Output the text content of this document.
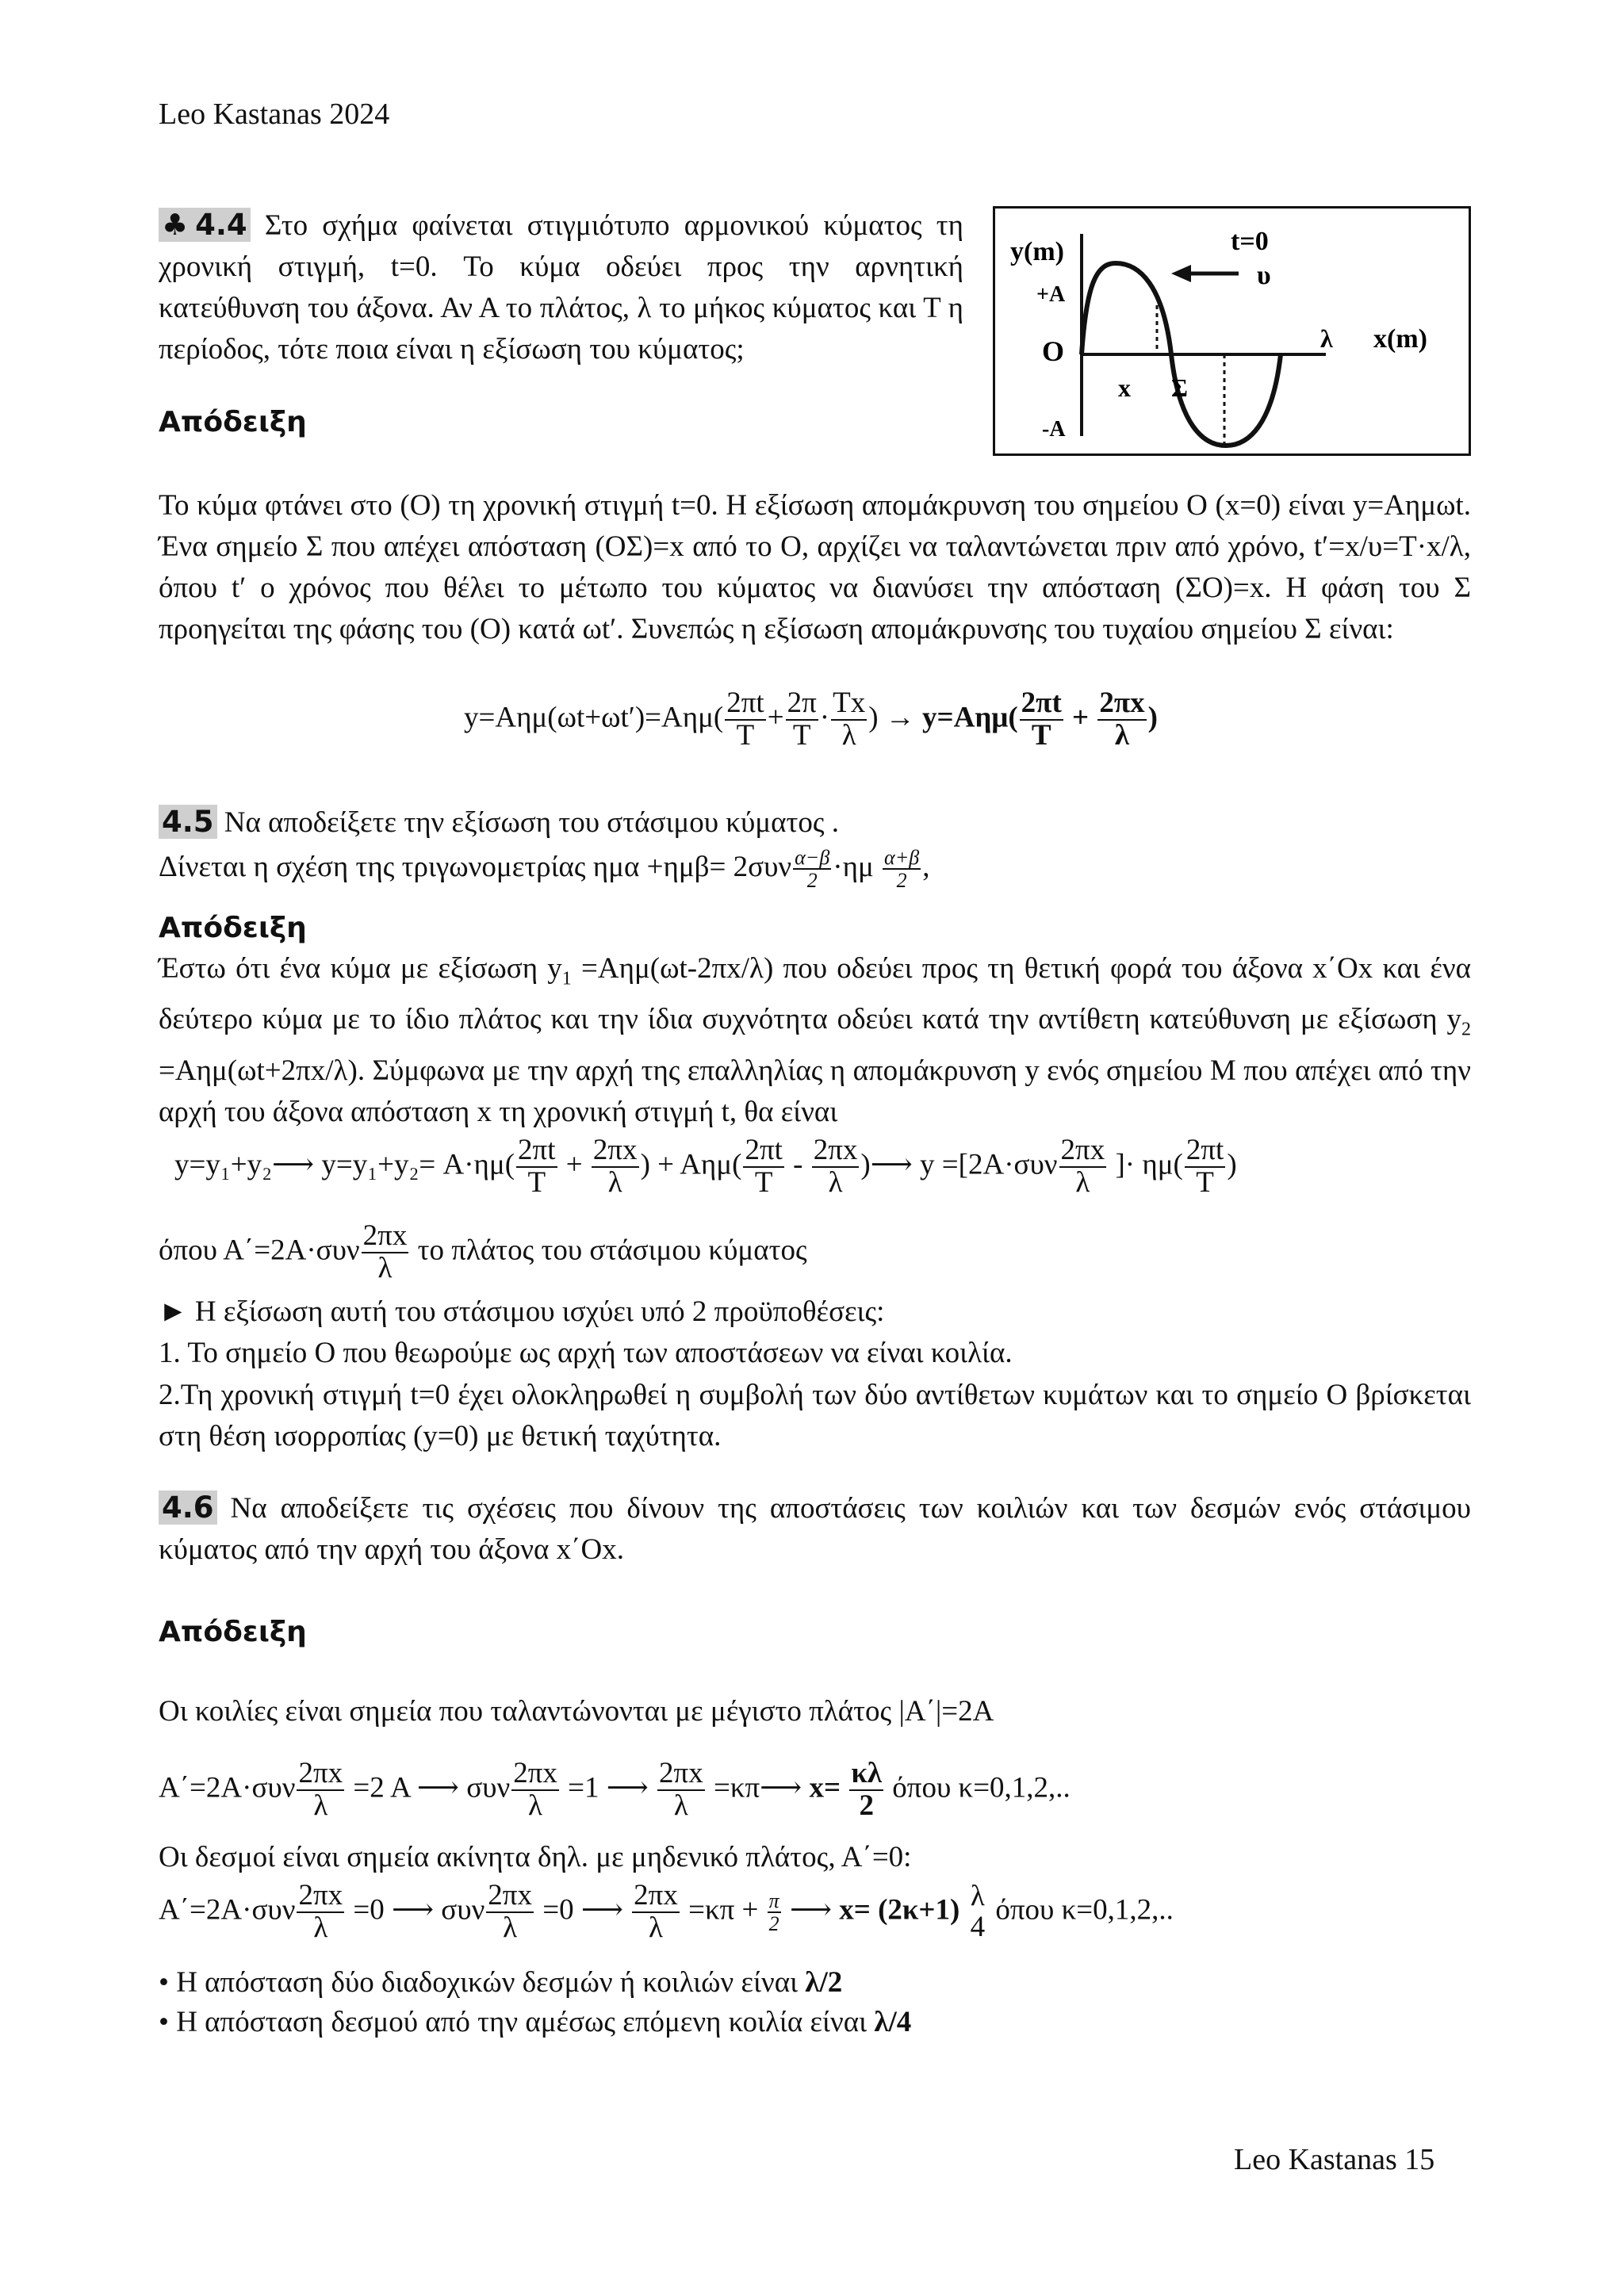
Leo Kastanas 2024

♣4.4 Στο σχήμα φαίνεται στιγμιότυπο αρμονικού κύματος τη χρονική στιγμή, t=0. Το κύμα οδεύει προς την αρνητική κατεύθυνση του άξονα. Αν Α το πλάτος, λ το μήκος κύματος και Τ η περίοδος, τότε ποια είναι η εξίσωση του κύματος;

Απόδειξη
y(m)
+A
O
-A
t=0
υ
x Σ
λ x(m)

Το κύμα φτάνει στο (Ο) τη χρονική στιγμή t=0. Η εξίσωση απομάκρυνση του σημείου Ο (x=0) είναι y=Αημωt. Ένα σημείο Σ που απέχει απόσταση (ΟΣ)=x από το Ο, αρχίζει να ταλαντώνεται πριν από χρόνο, t′=x/υ=T·x/λ, όπου t′ ο χρόνος που θέλει το μέτωπο του κύματος να διανύσει την απόσταση (ΣΟ)=x. Η φάση του Σ προηγείται της φάσης του (Ο) κατά ωt′. Συνεπώς η εξίσωση απομάκρυνσης του τυχαίου σημείου Σ είναι:

$y=A\eta\mu(\omega t+\omega t')=A\eta\mu( \frac{2\pi t}{T} + \frac{2\pi}{T} \cdot \frac{Tx}{\lambda}$ ) → $y=A\eta\mu( \frac{2\pi t}{T} + \frac{2\pi x}{\lambda}$ )
4.5 Να αποδείξετε την εξίσωση του στάσιμου κύματος .
Δίνεται η σχέση της τριγωνομετρίας $\eta\mu\alpha +\eta\mu\beta= 2\sigma\upsilon\nu \frac{\alpha-\beta}{2} \cdot\eta\mu \frac{\alpha+\beta}{2}$ ,
Απόδειξη

Έστω ότι ένα κύμα με εξίσωση $y_1 =A\eta\mu(\omega t-2\pi x/\lambda)$ που οδεύει προς τη θετική φορά του άξονα x΄Ox και ένα δεύτερο κύμα με το ίδιο πλάτος και την ίδια συχνότητα οδεύει κατά την αντίθετη κατεύθυνση με εξίσωση $y_2 =A\eta\mu(\omega t+2\pi x/\lambda)$. Σύμφωνα με την αρχή της επαλληλίας η απομάκρυνση y ενός σημείου Μ που απέχει από την αρχή του άξονα απόσταση x τη χρονική στιγμή t, θα είναι

y=y₁+y₂⟶ $y=y_1+y_2= A\cdot\eta\mu( \frac{2\pi t}{T} + \frac{2\pi x}{\lambda}$ ) + $A\eta\mu( \frac{2\pi t}{T} - \frac{2\pi x}{\lambda}$ )⟶ $y =[2A\cdot\sigma\upsilon\nu \frac{2\pi x}{\lambda}$ ]· $\eta\mu( \frac{2\pi t}{T}$ )
όπου $A΄=2A\cdot\sigma\upsilon\nu \frac{2\pi x}{\lambda}$ το πλάτος του στάσιμου κύματος
► Η εξίσωση αυτή του στάσιμου ισχύει υπό 2 προϋποθέσεις:
1. Το σημείο Ο που θεωρούμε ως αρχή των αποστάσεων να είναι κοιλία.

2.Τη χρονική στιγμή t=0 έχει ολοκληρωθεί η συμβολή των δύο αντίθετων κυμάτων και το σημείο Ο βρίσκεται στη θέση ισορροπίας (y=0) με θετική ταχύτητα.

4.6 Να αποδείξετε τις σχέσεις που δίνουν της αποστάσεις των κοιλιών και των δεσμών ενός στάσιμου κύματος από την αρχή του άξονα x΄Ox.

Απόδειξη
Οι κοιλίες είναι σημεία που ταλαντώνονται με μέγιστο πλάτος |Α΄|=2Α
$A΄=2A\cdot\sigma\upsilon\nu \frac{2\pi x}{\lambda} =2$ Α ⟶ συν $\frac{2\pi x}{\lambda} =1$ ⟶ $\frac{2\pi x}{\lambda}$ =κπ⟶ $x= \frac{\kappa\lambda}{2}$ όπου κ=0,1,2,..
Οι δεσμοί είναι σημεία ακίνητα δηλ. με μηδενικό πλάτος, Α΄=0:
$A΄=2A\cdot\sigma\upsilon\nu \frac{2\pi x}{\lambda} =0$ ⟶ συν $\frac{2\pi x}{\lambda} =0$ ⟶ $\frac{2\pi x}{\lambda} =\kappa\pi + \frac{\pi}{2}$ ⟶ x= (2κ+1) λ
4
όπου κ=0,1,2,..
• Η απόσταση δύο διαδοχικών δεσμών ή κοιλιών είναι λ/2
• Η απόσταση δεσμού από την αμέσως επόμενη κοιλία είναι λ/4
Leo Kastanas 15
